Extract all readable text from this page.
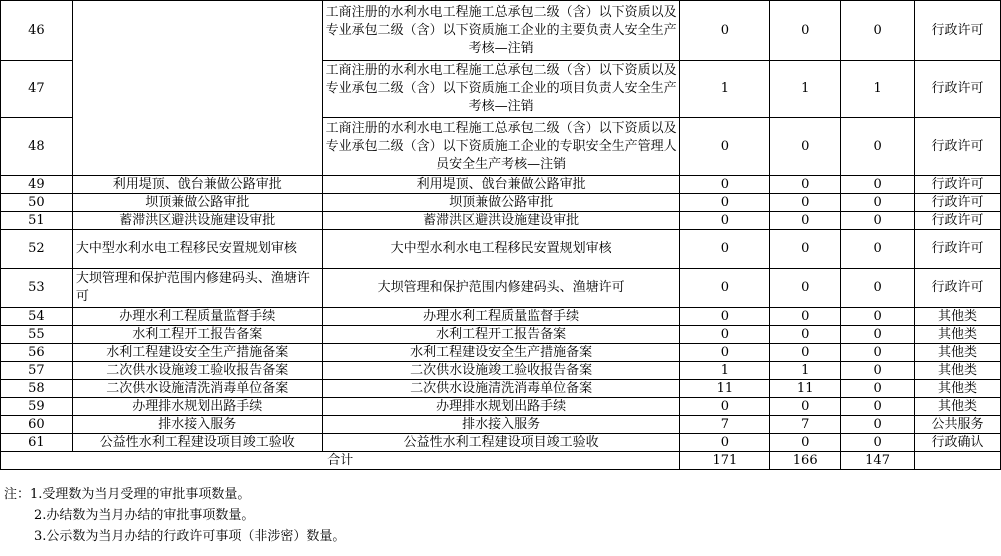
46		工商注册的水利水电工程施工总承包二级（含）以下资质以及专业承包二级（含）以下资质施工企业的主要负责人安全生产考核—注销	0	0	0	行政许可
47		工商注册的水利水电工程施工总承包二级（含）以下资质以及专业承包二级（含）以下资质施工企业的项目负责人安全生产考核—注销	1	1	1	行政许可
48		工商注册的水利水电工程施工总承包二级（含）以下资质以及专业承包二级（含）以下资质施工企业的专职安全生产管理人员安全生产考核—注销	0	0	0	行政许可
49	利用堤顶、戗台兼做公路审批	利用堤顶、戗台兼做公路审批	0	0	0	行政许可
50	坝顶兼做公路审批	坝顶兼做公路审批	0	0	0	行政许可
51	蓄滞洪区避洪设施建设审批	蓄滞洪区避洪设施建设审批	0	0	0	行政许可
52	大中型水利水电工程移民安置规划审核	大中型水利水电工程移民安置规划审核	0	0	0	行政许可
53	大坝管理和保护范围内修建码头、渔塘许可	大坝管理和保护范围内修建码头、渔塘许可	0	0	0	行政许可
54	办理水利工程质量监督手续	办理水利工程质量监督手续	0	0	0	其他类
55	水利工程开工报告备案	水利工程开工报告备案	0	0	0	其他类
56	水利工程建设安全生产措施备案	水利工程建设安全生产措施备案	0	0	0	其他类
57	二次供水设施竣工验收报告备案	二次供水设施竣工验收报告备案	1	1	0	其他类
58	二次供水设施清洗消毒单位备案	二次供水设施清洗消毒单位备案	11	11	0	其他类
59	办理排水规划出路手续	办理排水规划出路手续	0	0	0	其他类
60	排水接入服务	排水接入服务	7	7	0	公共服务
61	公益性水利工程建设项目竣工验收	公益性水利工程建设项目竣工验收	0	0	0	行政确认
合计			171	166	147	
注：1.受理数为当月受理的审批事项数量。
2.办结数为当月办结的审批事项数量。
3.公示数为当月办结的行政许可事项（非涉密）数量。
